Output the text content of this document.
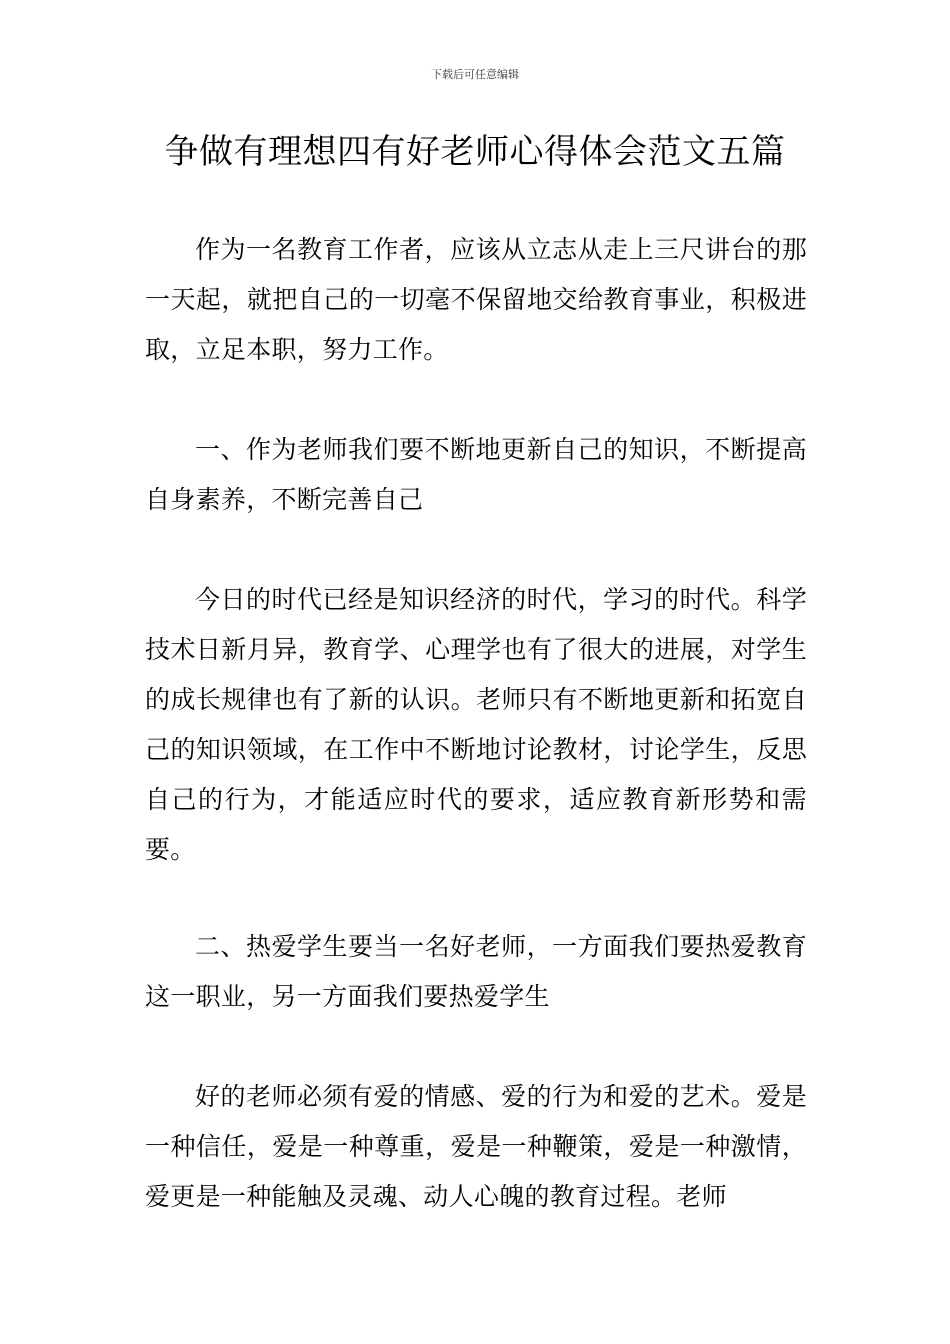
下载后可任意编辑
争做有理想四有好老师心得体会范文五篇

作为一名教育工作者，应该从立志从走上三尺讲台的那一天起，就把自己的一切毫不保留地交给教育事业，积极进取，立足本职，努力工作。

一、作为老师我们要不断地更新自己的知识，不断提高自身素养，不断完善自己

今日的时代已经是知识经济的时代，学习的时代。科学技术日新月异，教育学、心理学也有了很大的进展，对学生的成长规律也有了新的认识。老师只有不断地更新和拓宽自己的知识领域，在工作中不断地讨论教材，讨论学生，反思自己的行为，才能适应时代的要求，适应教育新形势和需要。

二、热爱学生要当一名好老师，一方面我们要热爱教育这一职业，另一方面我们要热爱学生

好的老师必须有爱的情感、爱的行为和爱的艺术。爱是一种信任，爱是一种尊重，爱是一种鞭策，爱是一种激情，爱更是一种能触及灵魂、动人心魄的教育过程。老师
